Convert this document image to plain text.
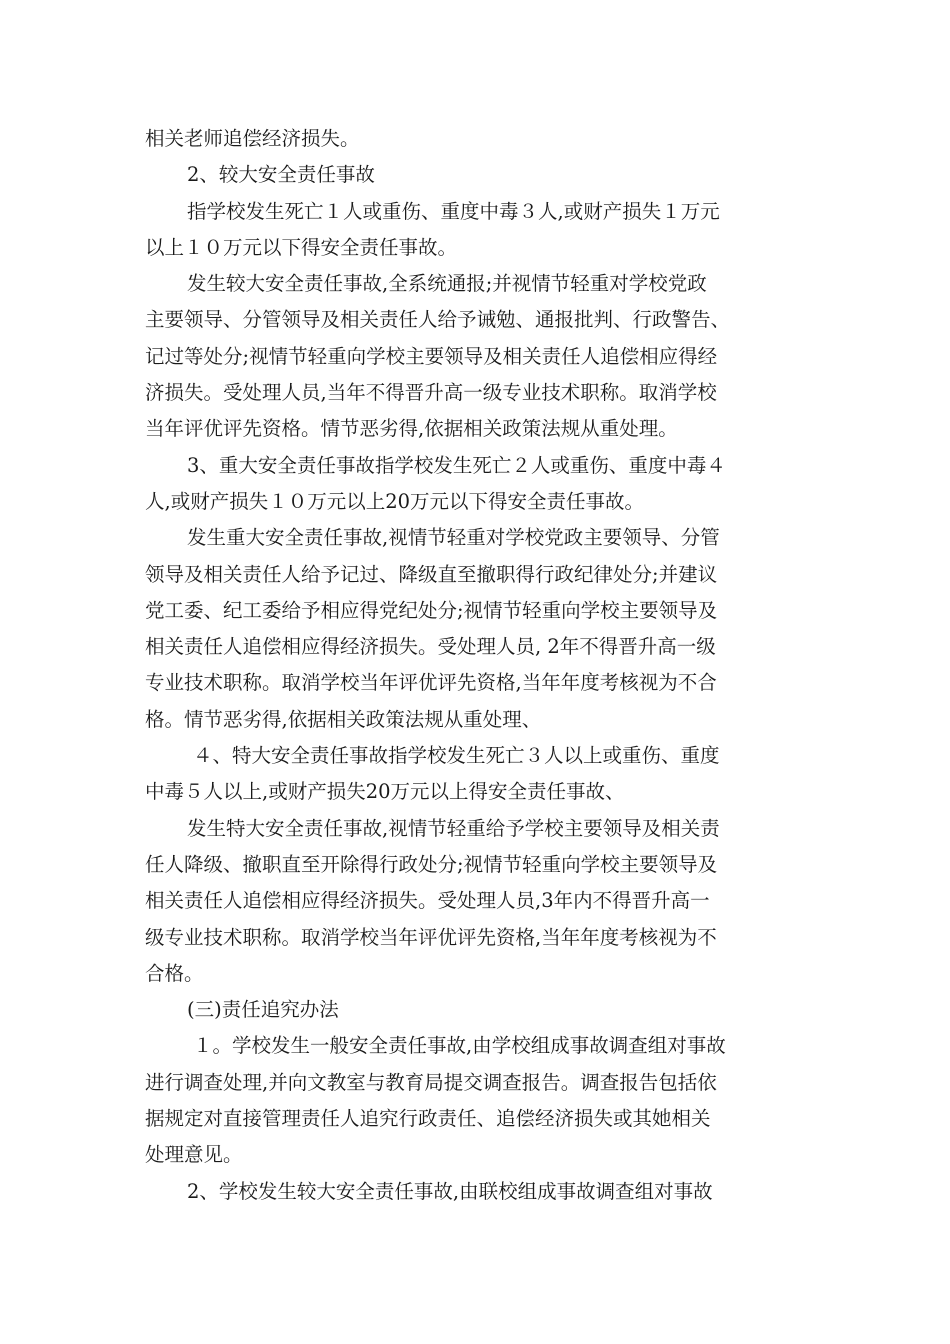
相关老师追偿经济损失。
2、较大安全责任事故
指学校发生死亡１人或重伤、重度中毒３人,或财产损失１万元
以上１０万元以下得安全责任事故。
发生较大安全责任事故,全系统通报;并视情节轻重对学校党政
主要领导、分管领导及相关责任人给予诫勉、通报批判、行政警告、
记过等处分;视情节轻重向学校主要领导及相关责任人追偿相应得经
济损失。受处理人员,当年不得晋升高一级专业技术职称。取消学校
当年评优评先资格。情节恶劣得,依据相关政策法规从重处理。
3、重大安全责任事故指学校发生死亡２人或重伤、重度中毒４
人,或财产损失１０万元以上20万元以下得安全责任事故。
发生重大安全责任事故,视情节轻重对学校党政主要领导、分管
领导及相关责任人给予记过、降级直至撤职得行政纪律处分;并建议
党工委、纪工委给予相应得党纪处分;视情节轻重向学校主要领导及
相关责任人追偿相应得经济损失。受处理人员, 2年不得晋升高一级
专业技术职称。取消学校当年评优评先资格,当年年度考核视为不合
格。情节恶劣得,依据相关政策法规从重处理、
４、特大安全责任事故指学校发生死亡３人以上或重伤、重度
中毒５人以上,或财产损失20万元以上得安全责任事故、
发生特大安全责任事故,视情节轻重给予学校主要领导及相关责
任人降级、撤职直至开除得行政处分;视情节轻重向学校主要领导及
相关责任人追偿相应得经济损失。受处理人员,3年内不得晋升高一
级专业技术职称。取消学校当年评优评先资格,当年年度考核视为不
合格。
(三)责任追究办法
１。学校发生一般安全责任事故,由学校组成事故调查组对事故
进行调查处理,并向文教室与教育局提交调查报告。调查报告包括依
据规定对直接管理责任人追究行政责任、追偿经济损失或其她相关
处理意见。
2、学校发生较大安全责任事故,由联校组成事故调查组对事故
